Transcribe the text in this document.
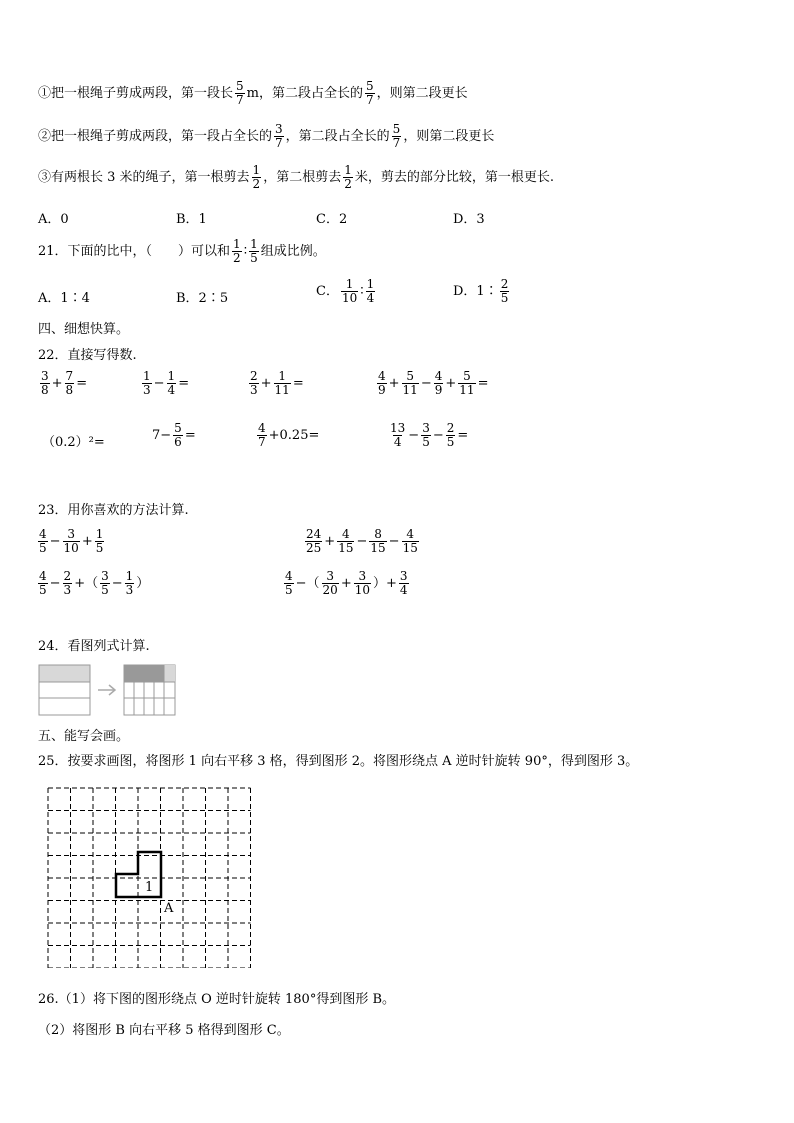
①把一根绳子剪成两段，第一段长 $\frac{5}{7}$ m，第二段占全长的 $\frac{5}{7}$ ，则第二段更长
②把一根绳子剪成两段，第一段占全长的 $\frac{3}{7}$ ，第二段占全长的 $\frac{5}{7}$ ，则第二段更长
③有两根长 3 米的绳子，第一根剪去 $\frac{1}{2}$ ，第二根剪去 $\frac{1}{2}$ 米，剪去的部分比较，第一根更长.
A．0	B．1	C．2	D．3
21．下面的比中，（　　）可以和 $\frac{1}{2}$ ∶ $\frac{1}{5}$ 组成比例。
A．1∶4	B．2∶5	C． $\frac{1}{10}$ ∶ $\frac{1}{4}$	D．1∶ $\frac{2}{5}$
四、细想快算。
22．直接写得数.
$\frac{3}{8} + \frac{7}{8}$ =	$\frac{1}{3} - \frac{1}{4}$ =	$\frac{2}{3} + \frac{1}{11}$ =	$\frac{4}{9} + \frac{5}{11} - \frac{4}{9} + \frac{5}{11}$ =
（0.2）²=	$7- \frac{5}{6}$ =	$\frac{4}{7} +0.25=$	$\frac{13}{4} - \frac{3}{5} - \frac{2}{5}$ =
23．用你喜欢的方法计算.
$\frac{4}{5} - \frac{3}{10} + \frac{1}{5}$	$\frac{24}{25} + \frac{4}{15} - \frac{8}{15} - \frac{4}{15}$
$\frac{4}{5} - \frac{2}{3}$ +（ $\frac{3}{5} - \frac{1}{3}$ ）	$\frac{4}{5}$ −（ $\frac{3}{20} + \frac{3}{10}$ ）+ $\frac{3}{4}$
24．看图列式计算.
五、能写会画。
25．按要求画图，将图形 1 向右平移 3 格，得到图形 2。将图形绕点 A 逆时针旋转 90°，得到图形 3。
1
A
26.（1）将下图的图形绕点 O 逆时针旋转 180°得到图形 B。
（2）将图形 B 向右平移 5 格得到图形 C。
